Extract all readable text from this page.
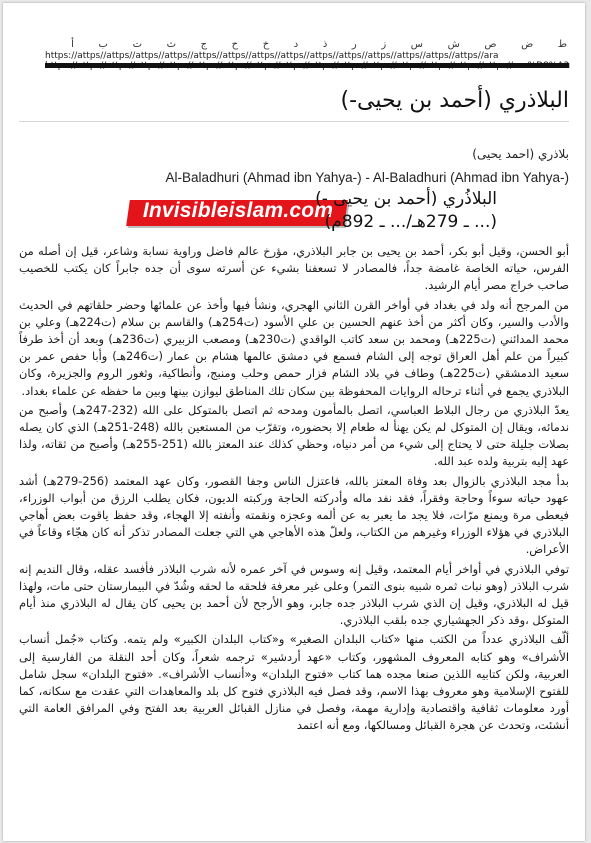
أ ب ت ث ج ح خ د ذ ر ز س ش ص ض ط
https://attps//attps//attps//attps//attps//attps//attps//attps//attps//attps//attps//attps//attps//attps//ara
https://attps//attps//attps//attps//attps//attps//attps//attps//attps//attps//attps//attps//attps//attps//attps//ara%D8%A3
البلاذري (أحمد بن يحيى-)
بلاذري (احمد يحيى)
Al-Baladhuri (Ahmad ibn Yahya-) - Al-Baladhuri (Ahmad ibn Yahya-)
Invisibleislam.com
البلاذُري (أحمد بن يحيى -)
(... ـ 279هـ/... ـ 892م)

أبو الحسن، وقيل أبو بكر، أحمد بن يحيى بن جابر البلاذري، مؤرخ عالم فاضل وراوية نسابة وشاعر، قيل إن أصله من الفرس، حياته الخاصة غامضة جداً، فالمصادر لا تسعفنا بشيء عن أسرته سوى أن جده جابراً كان يكتب للخصيب صاحب خراج مصر أيام الرشيد.

من المرجح أنه ولد في بغداد في أواخر القرن الثاني الهجري، ونشأ فيها وأخذ عن علمائها وحضر حلقاتهم في الحديث والأدب والسير، وكان أكثر من أخذ عنهم الحسين بن علي الأسود (ت254هـ) والقاسم بن سلام (ت224هـ) وعلي بن محمد المدائني (ت225هـ) ومحمد بن سعد كاتب الواقدي (ت230هـ) ومصعب الزبيري (ت236هـ) وبعد أن أخذ طرفاً كبيراً من علم أهل العراق توجه إلى الشام فسمع في دمشق عالمها هشام بن عمار (ت246هـ) وأبا حفص عمر بن سعيد الدمشقي (ت225هـ) وطاف في بلاد الشام فزار حمص وحلب ومنبج، وأنطاكية، وثغور الروم والجزيرة، وكان البلاذري يجمع في أثناء ترحاله الروايات المحفوظة بين سكان تلك المناطق ليوازن بينها وبين ما حفظه عن علماء بغداد.

يعدّ البلاذري من رجال البلاط العباسي، اتصل بالمأمون ومدحه ثم اتصل بالمتوكل على الله (232-247هـ) وأصبح من ندمائه، ويقال إن المتوكل لم يكن يهنأ له طعام إلا بحضوره، وتقرّب من المستعين بالله (248-251هـ) الذي كان يصله بصلات جليلة حتى لا يحتاج إلى شيء من أمر دنياه، وحظي كذلك عند المعتز بالله (251-255هـ) وأصبح من ثقاته، ولذا عهد إليه بتربية ولده عبد الله.

بدأ مجد البلاذري بالزوال بعد وفاة المعتز بالله، فاعتزل الناس وجفا القصور، وكان عهد المعتمد (256-279هـ) أشد عهود حياته سوءاً وحاجة وفقراً، فقد نفد ماله وأدركته الحاجة وركبته الديون، فكان يطلب الرزق من أبواب الوزراء، فيعطى مرة ويمنع مرّات، فلا يجد ما يعبر به عن ألمه وعجزه ونقمته وأنفته إلا الهجاء، وقد حفظ ياقوت بعض أهاجي البلاذري في هؤلاء الوزراء وغيرهم من الكتاب، ولعلّ هذه الأهاجي هي التي جعلت المصادر تذكر أنه كان هجّاء وقاعاً في الأعراض.

توفي البلاذري في أواخر أيام المعتمد، وقيل إنه وسوس في آخر عمره لأنه شرب البلاذر فأفسد عقله، وقال النديم إنه شرب البلاذر (وهو نبات ثمره شبيه بنوى التمر) وعلى غير معرفة فلحقه ما لحقه وشُدّ في البيمارستان حتى مات، ولهذا قيل له البلاذري، وقيل إن الذي شرب البلاذر جده جابر، وهو الأرجح لأن أحمد بن يحيى كان يقال له البلاذري منذ أيام المتوكل ،وقد ذكر الجهشياري جده بلقب البلاذري.

ألّف البلاذري عدداً من الكتب منها «كتاب البلدان الصغير» و«كتاب البلدان الكبير» ولم يتمه. وكتاب «جُمل أنساب الأشراف» وهو كتابه المعروف المشهور، وكتاب «عهد أردشير» ترجمه شعراً، وكان أحد النقلة من الفارسية إلى العربية، ولكن كتابيه اللذين صنعا مجده هما كتاب «فتوح البلدان» و«أنساب الأشراف». «فتوح البلدان» سجل شامل للفتوح الإسلامية وهو معروف بهذا الاسم، وقد فصل فيه البلاذري فتوح كل بلد والمعاهدات التي عقدت مع سكانه، كما أورد معلومات ثقافية واقتصادية وإدارية مهمة، وفصل في منازل القبائل العربية بعد الفتح وفي المرافق العامة التي أنشئت، وتحدث عن هجرة القبائل ومسالكها، ومع أنه اعتمد
